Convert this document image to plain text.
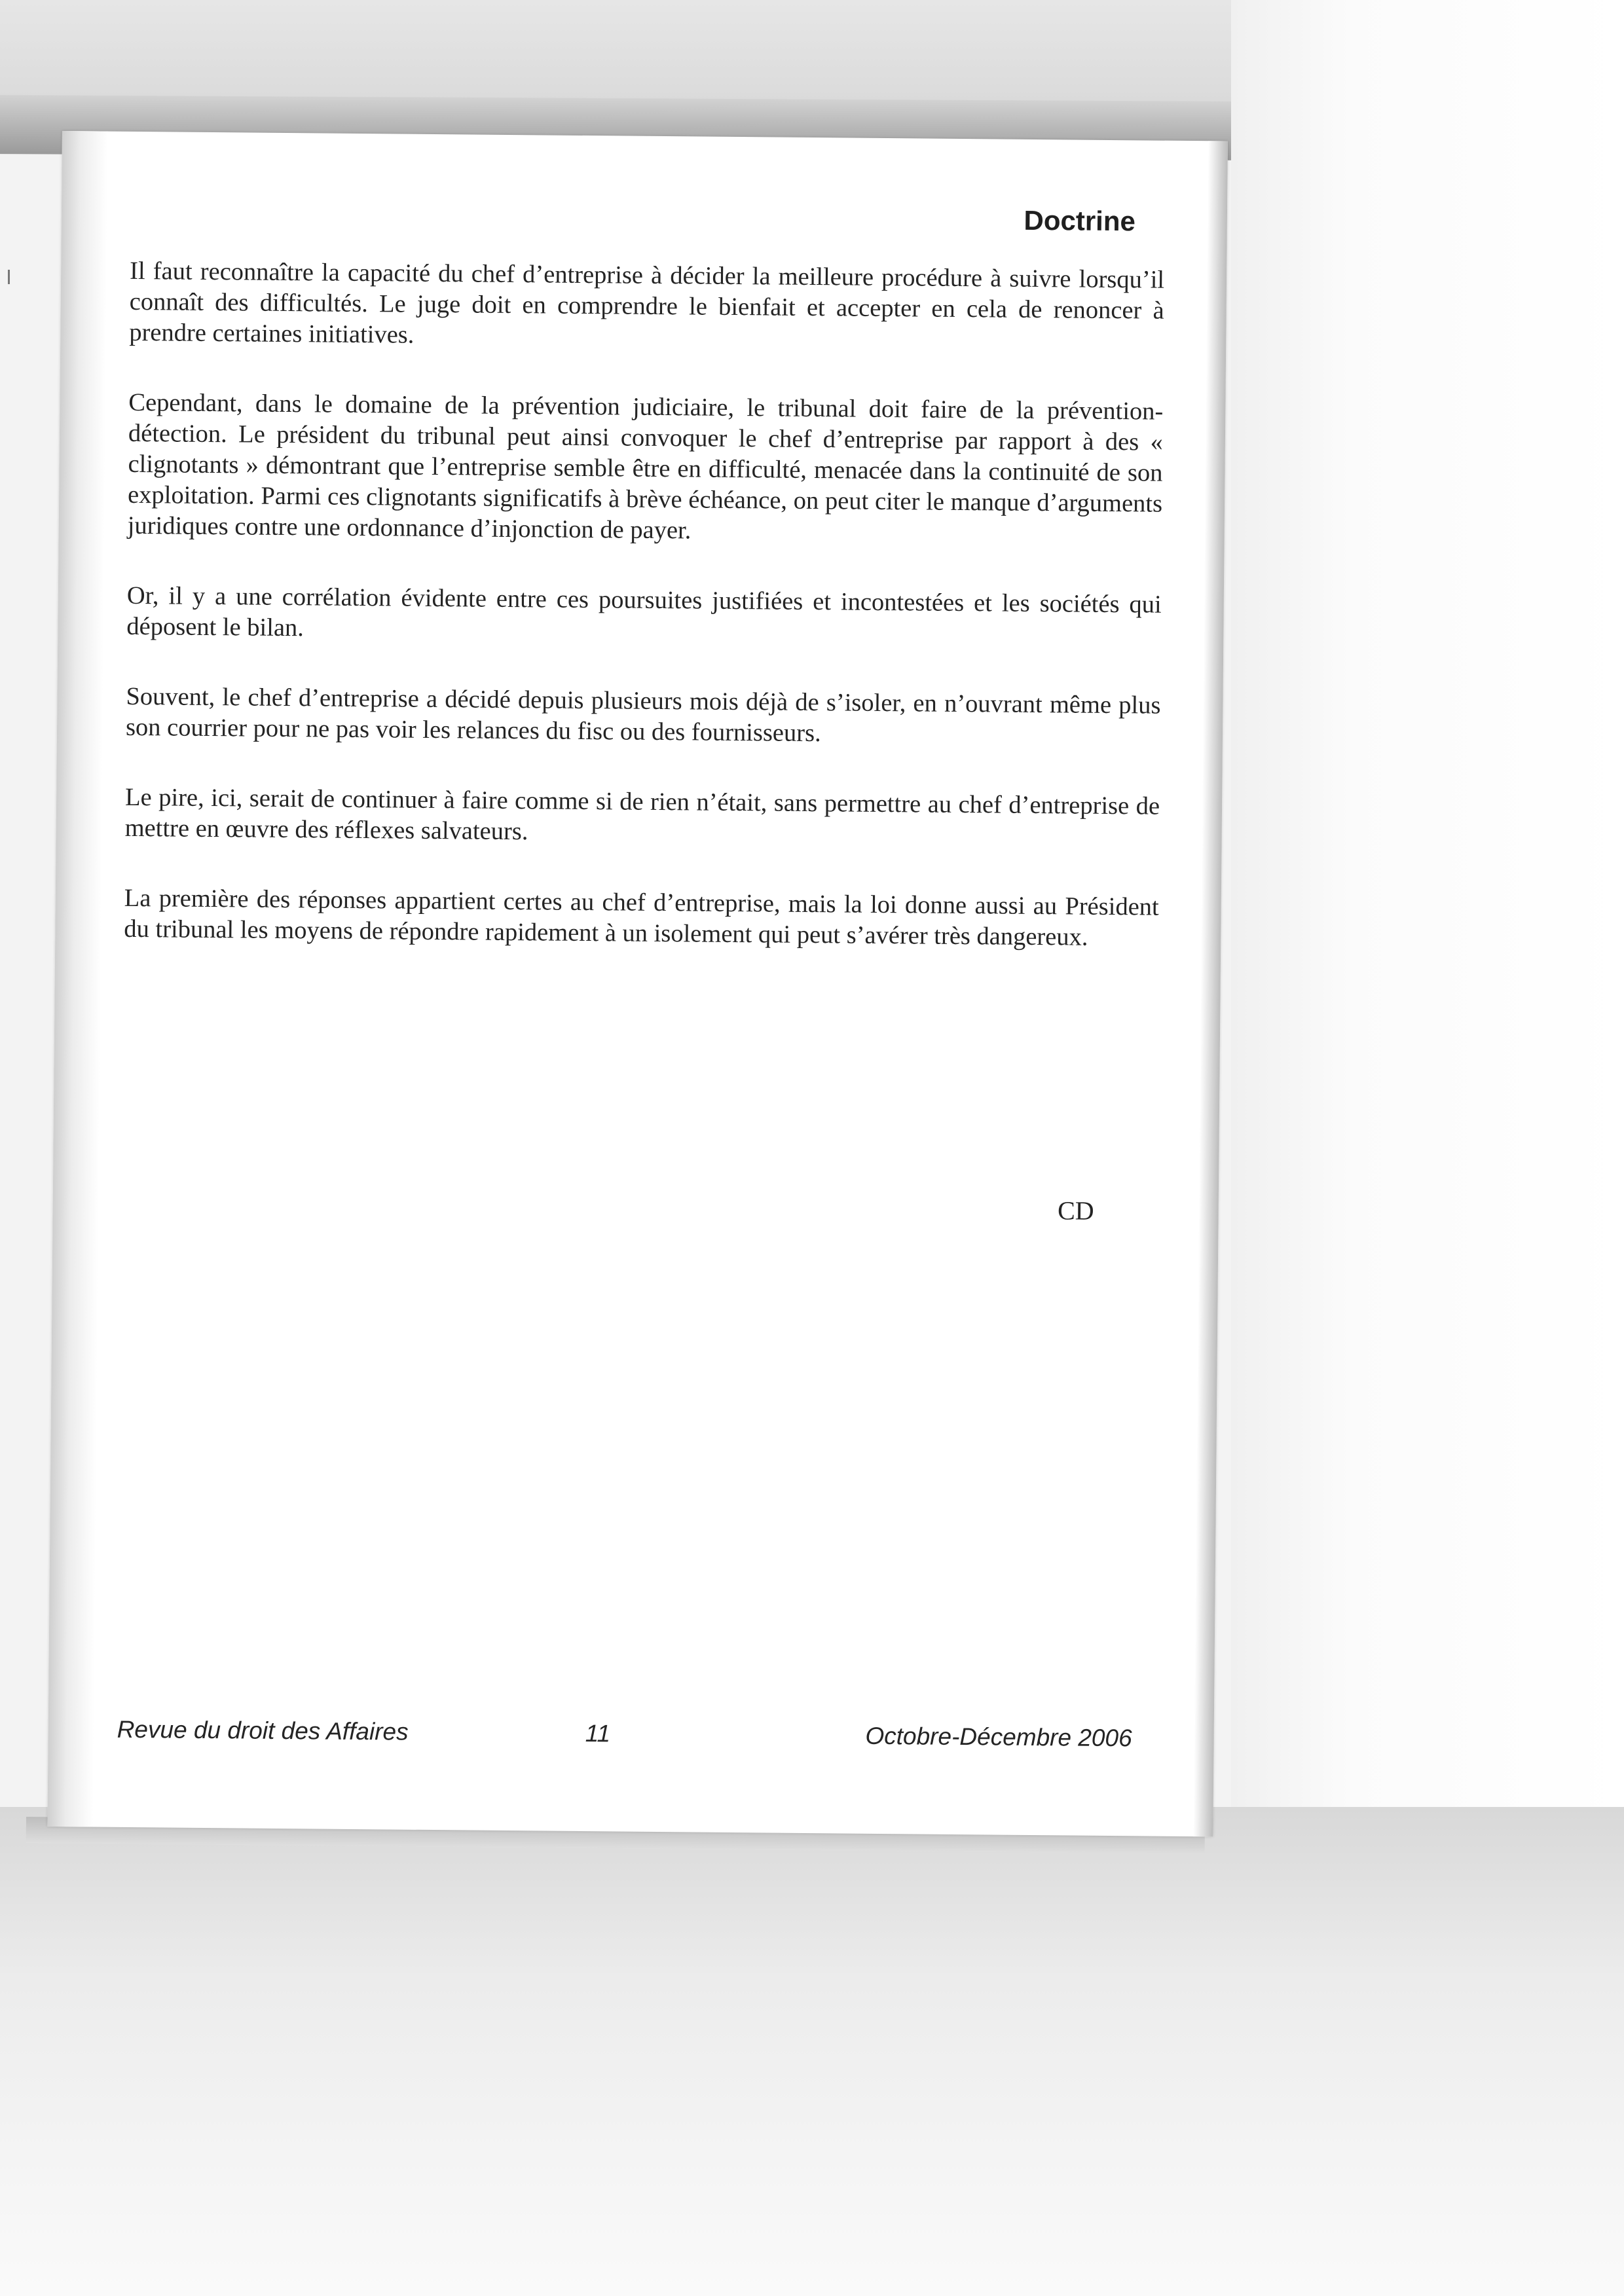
Doctrine

Il faut reconnaître la capacité du chef d’entreprise à décider la meilleure procédure à suivre lorsqu’il connaît des difficultés. Le juge doit en comprendre le bienfait et accepter en cela de renoncer à prendre certaines initiatives.

Cependant, dans le domaine de la prévention judiciaire, le tribunal doit faire de la prévention-détection. Le président du tribunal peut ainsi convoquer le chef d’entreprise par rapport à des « clignotants » démontrant que l’entreprise semble être en difficulté, menacée dans la continuité de son exploitation. Parmi ces clignotants significatifs à brève échéance, on peut citer le manque d’arguments juridiques contre une ordonnance d’injonction de payer.

Or, il y a une corrélation évidente entre ces poursuites justifiées et incontestées et les sociétés qui déposent le bilan.

Souvent, le chef d’entreprise a décidé depuis plusieurs mois déjà de s’isoler, en n’ouvrant même plus son courrier pour ne pas voir les relances du fisc ou des fournisseurs.

Le pire, ici, serait de continuer à faire comme si de rien n’était, sans permettre au chef d’entreprise de mettre en œuvre des réflexes salvateurs.

La première des réponses appartient certes au chef d’entreprise, mais la loi donne aussi au Président du tribunal les moyens de répondre rapidement à un isolement qui peut s’avérer très dangereux.

CD

Revue du droit des Affaires	11	Octobre-Décembre 2006
